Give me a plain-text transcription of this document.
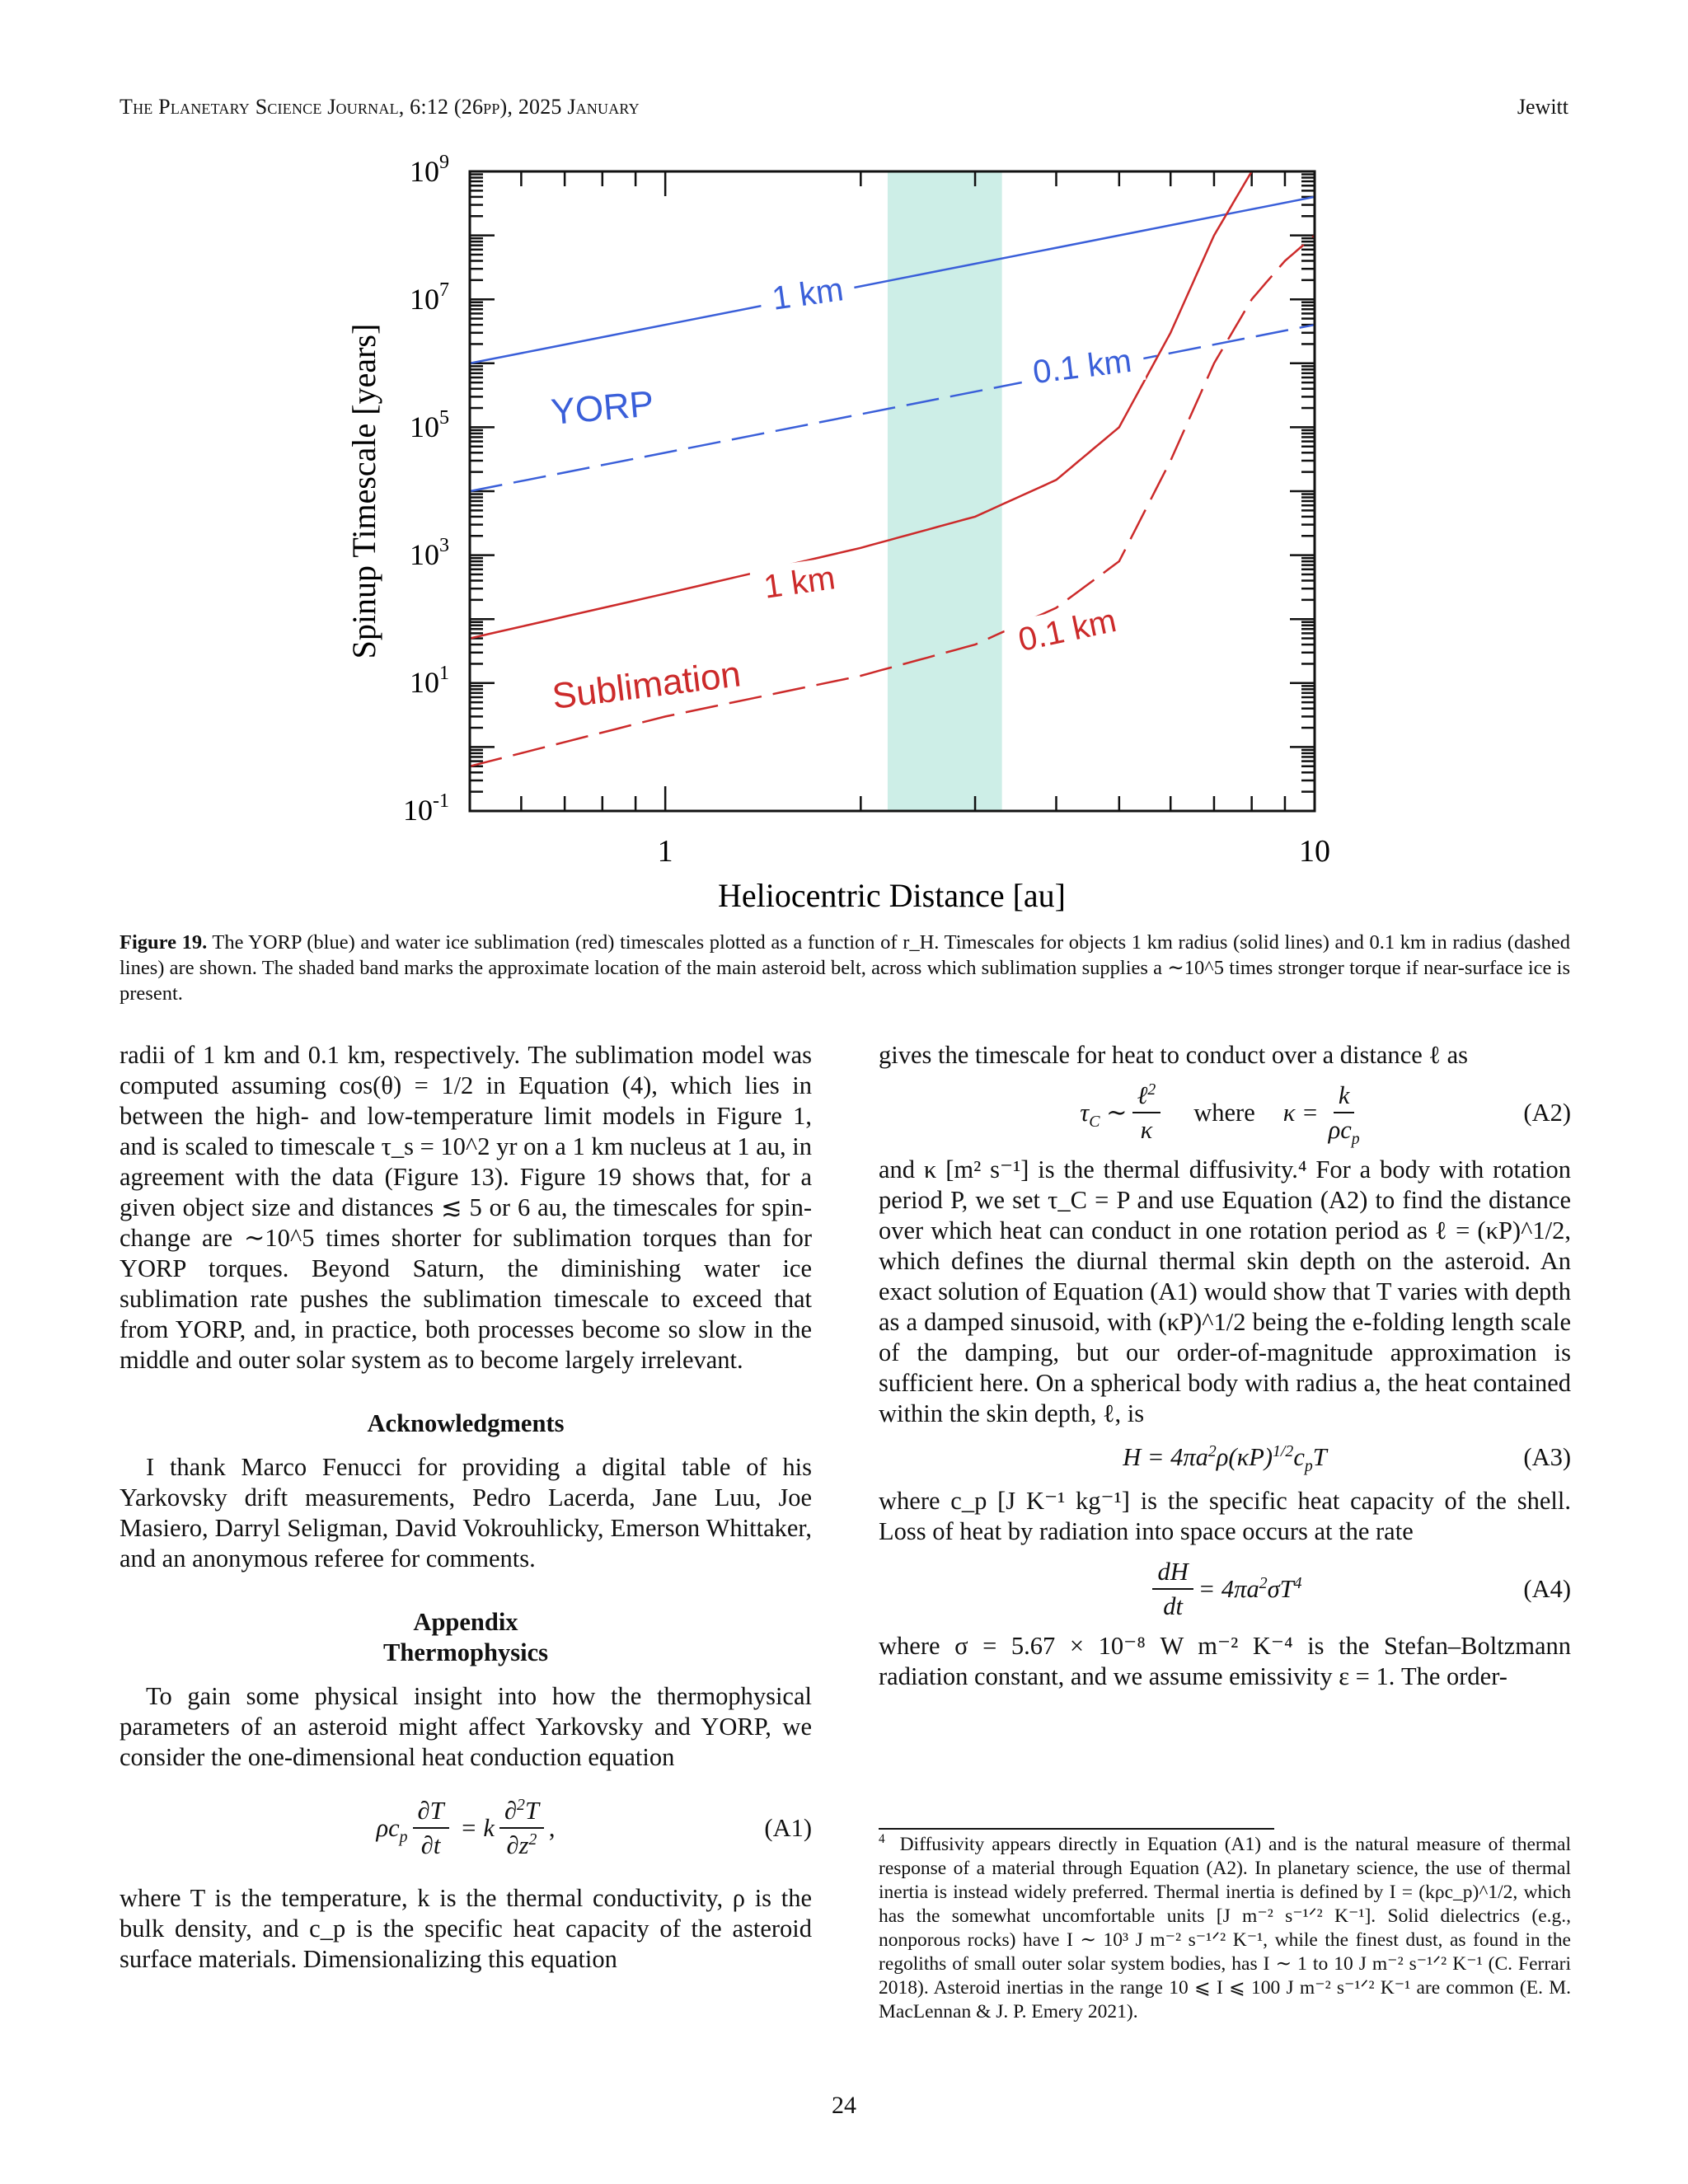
The Planetary Science Journal, 6:12 (26pp), 2025 January	Jewitt
1 km
0.1 km
YORP
1 km
0.1 km
Sublimation
$10^9$
$10^7$
$10^5$
$10^3$
$10^1$
$10^{-1}$
1	10
Heliocentric Distance [au]
Spinup Timescale [years]
Figure 19. The YORP (blue) and water ice sublimation (red) timescales plotted as a function of r_H. Timescales for objects 1 km radius (solid lines) and 0.1 km in radius (dashed lines) are shown. The shaded band marks the approximate location of the main asteroid belt, across which sublimation supplies a ∼10^5 times stronger torque if near-surface ice is present.

radii of 1 km and 0.1 km, respectively. The sublimation model was computed assuming cos(θ) = 1/2 in Equation (4), which lies in between the high- and low-temperature limit models in Figure 1, and is scaled to timescale τ_s = 10^2 yr on a 1 km nucleus at 1 au, in agreement with the data (Figure 13). Figure 19 shows that, for a given object size and distances ≲ 5 or 6 au, the timescales for spin-change are ∼10^5 times shorter for sublimation torques than for YORP torques. Beyond Saturn, the diminishing water ice sublimation rate pushes the sublimation timescale to exceed that from YORP, and, in practice, both processes become so slow in the middle and outer solar system as to become largely irrelevant.

Acknowledgments

I thank Marco Fenucci for providing a digital table of his Yarkovsky drift measurements, Pedro Lacerda, Jane Luu, Joe Masiero, Darryl Seligman, David Vokrouhlicky, Emerson Whittaker, and an anonymous referee for comments.

Appendix
Thermophysics

To gain some physical insight into how the thermophysical parameters of an asteroid might affect Yarkovsky and YORP, we consider the one-dimensional heat conduction equation

$\rho c_p \frac{\partial T}{\partial t} = k \frac{\partial^2T}{\partial z^2}$ ,	(A1)

where T is the temperature, k is the thermal conductivity, ρ is the bulk density, and c_p is the specific heat capacity of the asteroid surface materials. Dimensionalizing this equation

gives the timescale for heat to conduct over a distance ℓ as

$\tau_C$ ∼ $\frac{\ell^2}{\kappa}$ where $\kappa = \frac{k}{\rho c_p}$	(A2)

and κ [m² s⁻¹] is the thermal diffusivity.⁴ For a body with rotation period P, we set τ_C = P and use Equation (A2) to find the distance over which heat can conduct in one rotation period as ℓ = (κP)^1/2, which defines the diurnal thermal skin depth on the asteroid. An exact solution of Equation (A1) would show that T varies with depth as a damped sinusoid, with (κP)^1/2 being the e-folding length scale of the damping, but our order-of-magnitude approximation is sufficient here. On a spherical body with radius a, the heat contained within the skin depth, ℓ, is

$H = 4\pi a^2\rho(\kappa P)^{1/2}c_pT$	(A3)

where c_p [J K⁻¹ kg⁻¹] is the specific heat capacity of the shell. Loss of heat by radiation into space occurs at the rate

$\frac{dH}{dt} = 4\pi a^2\sigma T^4$	(A4)

where σ = 5.67 × 10⁻⁸ W m⁻² K⁻⁴ is the Stefan–Boltzmann radiation constant, and we assume emissivity ε = 1. The order-

$^4$ Diffusivity appears directly in Equation (A1) and is the natural measure of thermal response of a material through Equation (A2). In planetary science, the use of thermal inertia is instead widely preferred. Thermal inertia is defined by I = (kρc_p)^1/2, which has the somewhat uncomfortable units [J m⁻² s⁻¹ᐟ² K⁻¹]. Solid dielectrics (e.g., nonporous rocks) have I ∼ 10³ J m⁻² s⁻¹ᐟ² K⁻¹, while the finest dust, as found in the regoliths of small outer solar system bodies, has I ∼ 1 to 10 J m⁻² s⁻¹ᐟ² K⁻¹ (C. Ferrari 2018). Asteroid inertias in the range 10 ⩽ I ⩽ 100 J m⁻² s⁻¹ᐟ² K⁻¹ are common (E. M. MacLennan & J. P. Emery 2021).
24
